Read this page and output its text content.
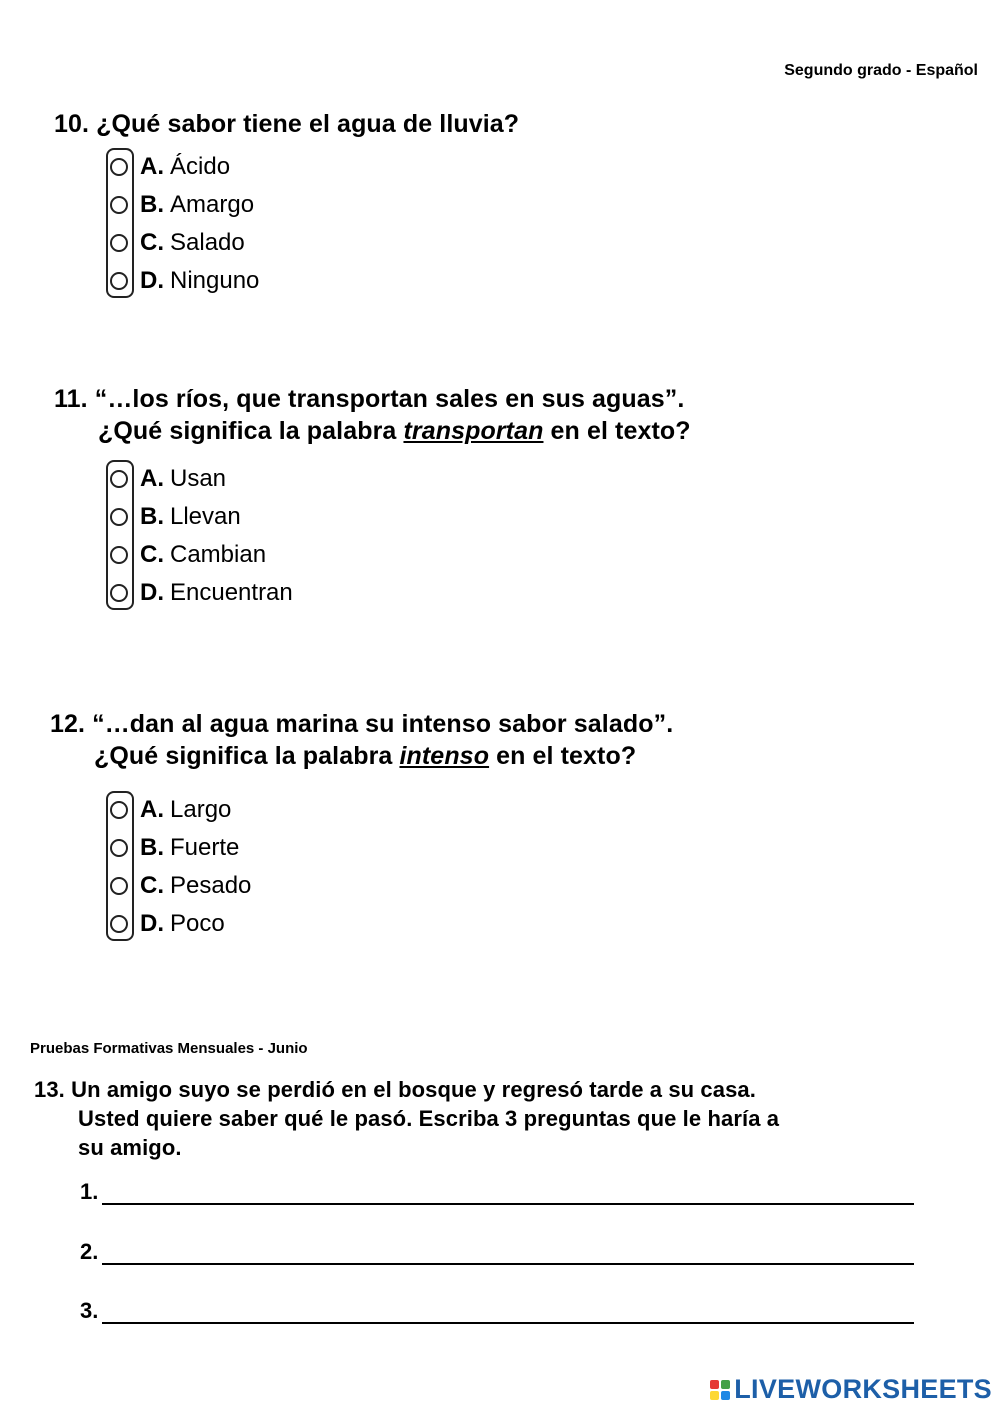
Segundo grado - Español
10. ¿Qué sabor tiene el agua de lluvia?
A. Ácido
B. Amargo
C. Salado
D. Ninguno
11. “…los ríos, que transportan sales en sus aguas”.
¿Qué significa la palabra transportan en el texto?
A. Usan
B. Llevan
C. Cambian
D. Encuentran
12. “…dan al agua marina su intenso sabor salado”.
¿Qué significa la palabra intenso en el texto?
A. Largo
B. Fuerte
C. Pesado
D. Poco
Pruebas Formativas Mensuales - Junio
13. Un amigo suyo se perdió en el bosque y regresó tarde a su casa.
Usted quiere saber qué le pasó. Escriba 3 preguntas que le haría a
su amigo.
1.
2.
3.
LIVEWORKSHEETS
